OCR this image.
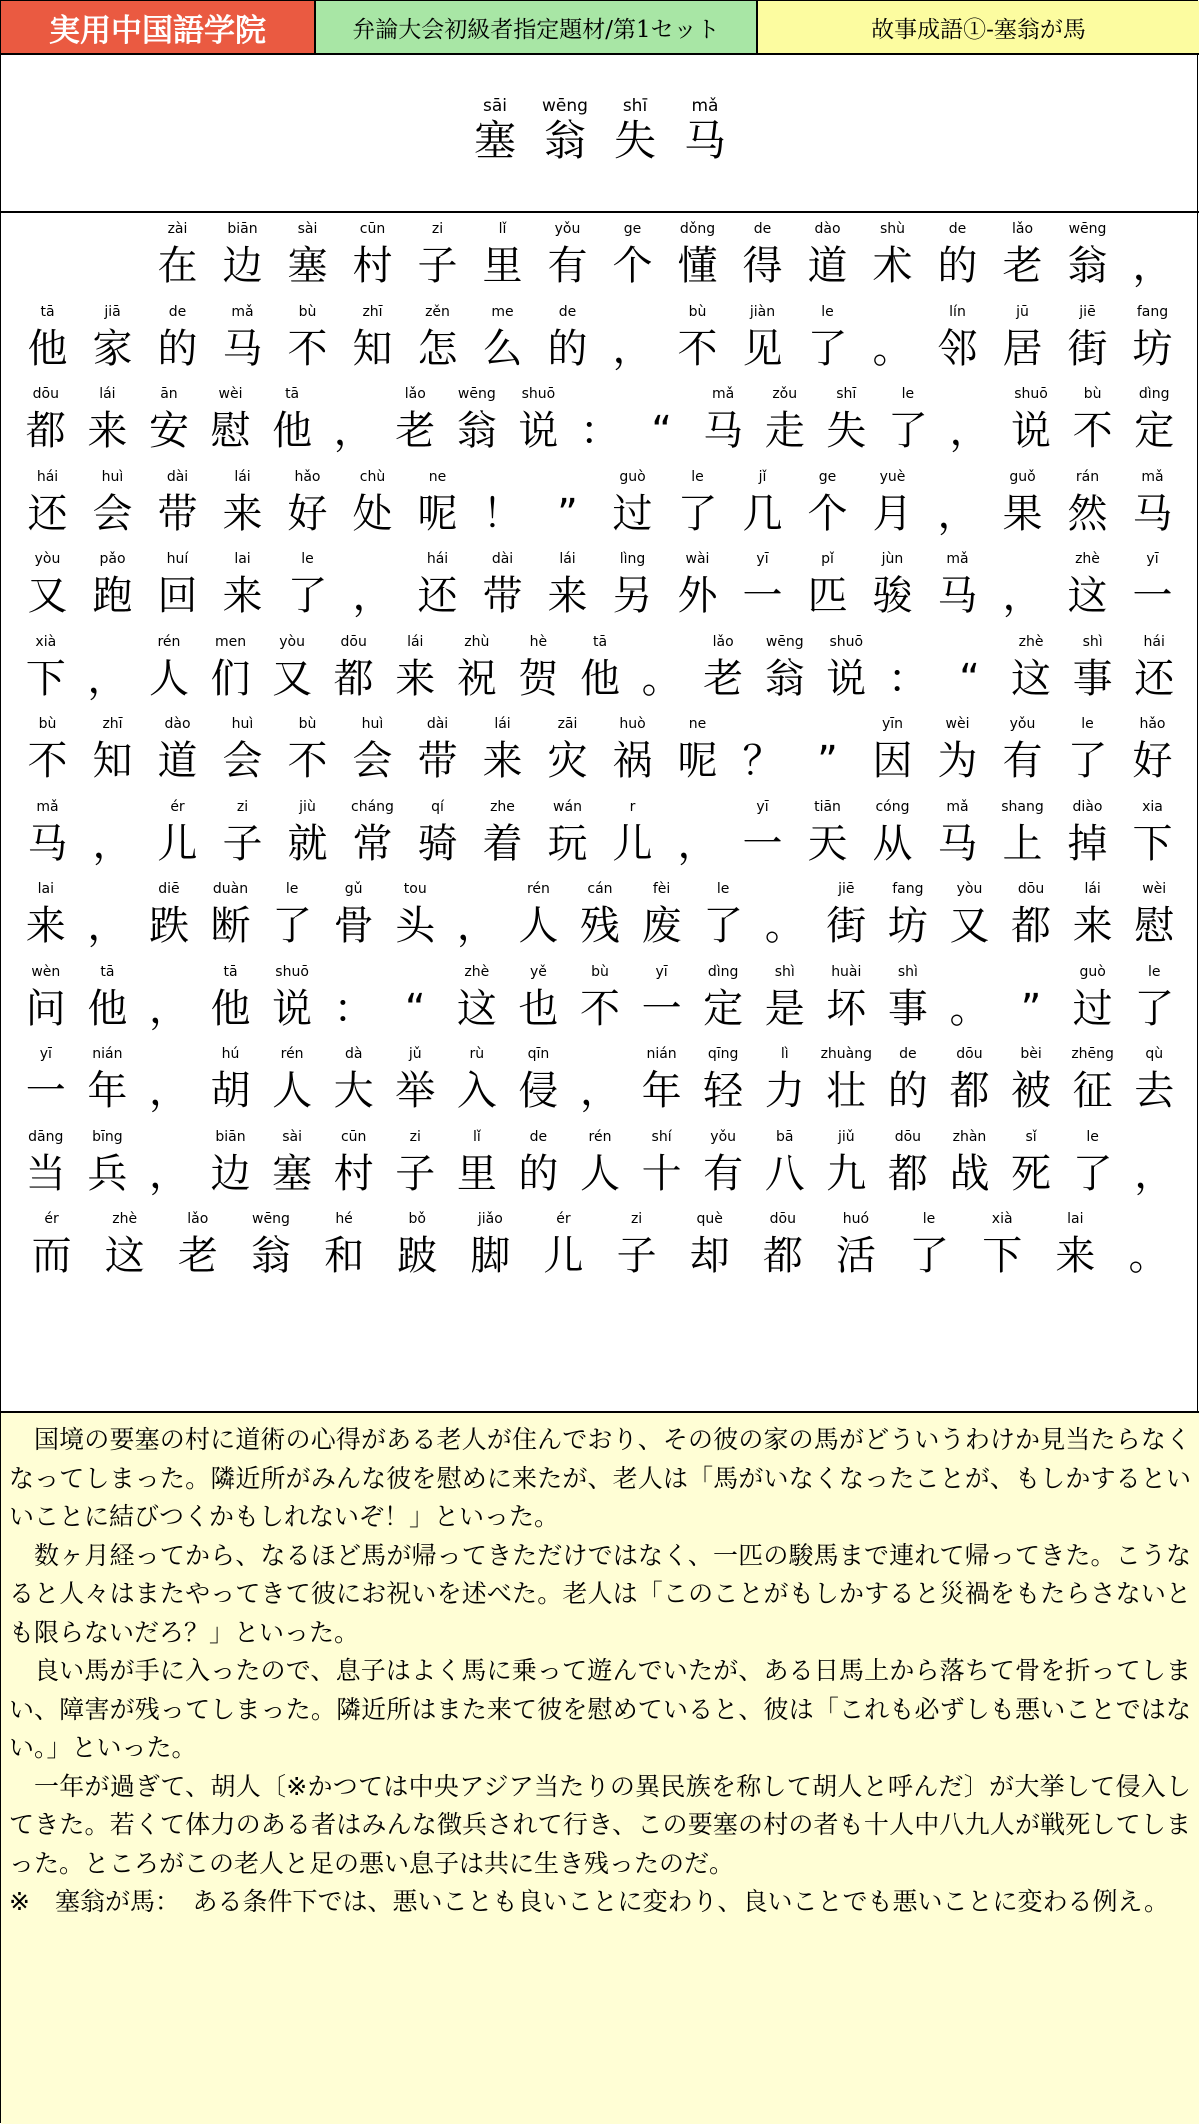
実用中国語学院	弁論大会初級者指定題材/第1セット	故事成語①-塞翁が馬
sāi
塞
wēng
翁
shī
失
mǎ
马
zài
在
biān
边
sài
塞
cūn
村
zi
子
lǐ
里
yǒu
有
ge
个
dǒng
懂
de
得
dào
道
shù
术
de
的
lǎo
老
wēng
翁 ，
tā
他
jiā
家
de
的
mǎ
马
bù
不
zhī
知
zěn
怎
me
么
de
的 ，
bù
不
jiàn
见
le
了 。
lín
邻
jū
居
jiē
街
fang
坊
dōu
都
lái
来
ān
安
wèi
慰
tā
他 ，
lǎo
老
wēng
翁
shuō
说 ： “
mǎ
马
zǒu
走
shī
失
le
了 ，
shuō
说
bù
不
dìng
定
hái
还
huì
会
dài
带
lái
来
hǎo
好
chù
处
ne
呢 ！ ”
guò
过
le
了
jǐ
几
ge
个
yuè
月 ，
guǒ
果
rán
然
mǎ
马
yòu
又
pǎo
跑
huí
回
lai
来
le
了 ，
hái
还
dài
带
lái
来
lìng
另
wài
外
yī
一
pǐ
匹
jùn
骏
mǎ
马 ，
zhè
这
yī
一
xià
下 ，
rén
人
men
们
yòu
又
dōu
都
lái
来
zhù
祝
hè
贺
tā
他 。
lǎo
老
wēng
翁
shuō
说 ： “
zhè
这
shì
事
hái
还
bù
不
zhī
知
dào
道
huì
会
bù
不
huì
会
dài
带
lái
来
zāi
灾
huò
祸
ne
呢 ？ ”
yīn
因
wèi
为
yǒu
有
le
了
hǎo
好
mǎ
马 ，
ér
儿
zi
子
jiù
就
cháng
常
qí
骑
zhe
着
wán
玩
r
儿 ，
yī
一
tiān
天
cóng
从
mǎ
马
shang
上
diào
掉
xia
下
lai
来 ，
diē
跌
duàn
断
le
了
gǔ
骨
tou
头 ，
rén
人
cán
残
fèi
废
le
了 。
jiē
街
fang
坊
yòu
又
dōu
都
lái
来
wèi
慰
wèn
问
tā
他 ，
tā
他
shuō
说 ： “
zhè
这
yě
也
bù
不
yī
一
dìng
定
shì
是
huài
坏
shì
事 。 ”
guò
过
le
了
yī
一
nián
年 ，
hú
胡
rén
人
dà
大
jǔ
举
rù
入
qīn
侵 ，
nián
年
qīng
轻
lì
力
zhuàng
壮
de
的
dōu
都
bèi
被
zhēng
征
qù
去
dāng
当
bīng
兵 ，
biān
边
sài
塞
cūn
村
zi
子
lǐ
里
de
的
rén
人
shí
十
yǒu
有
bā
八
jiǔ
九
dōu
都
zhàn
战
sǐ
死
le
了 ，
ér
而
zhè
这
lǎo
老
wēng
翁
hé
和
bǒ
跛
jiǎo
脚
ér
儿
zi
子
què
却
dōu
都
huó
活
le
了
xià
下
lai
来 。

国境の要塞の村に道術の心得がある老人が住んでおり、その彼の家の馬がどういうわけか見当たらなくなってしまった。隣近所がみんな彼を慰めに来たが、老人は「馬がいなくなったことが、もしかするといいことに結びつくかもしれないぞ！」といった。

数ヶ月経ってから、なるほど馬が帰ってきただけではなく、一匹の駿馬まで連れて帰ってきた。こうなると人々はまたやってきて彼にお祝いを述べた。老人は「このことがもしかすると災禍をもたらさないとも限らないだろ？」といった。

良い馬が手に入ったので、息子はよく馬に乗って遊んでいたが、ある日馬上から落ちて骨を折ってしまい、障害が残ってしまった。隣近所はまた来て彼を慰めていると、彼は「これも必ずしも悪いことではない。」といった。

一年が過ぎて、胡人〔※かつては中央アジア当たりの異民族を称して胡人と呼んだ〕が大挙して侵入してきた。若くて体力のある者はみんな徴兵されて行き、この要塞の村の者も十人中八九人が戦死してしまった。ところがこの老人と足の悪い息子は共に生き残ったのだ。

※　塞翁が馬：　ある条件下では、悪いことも良いことに変わり、良いことでも悪いことに変わる例え。
